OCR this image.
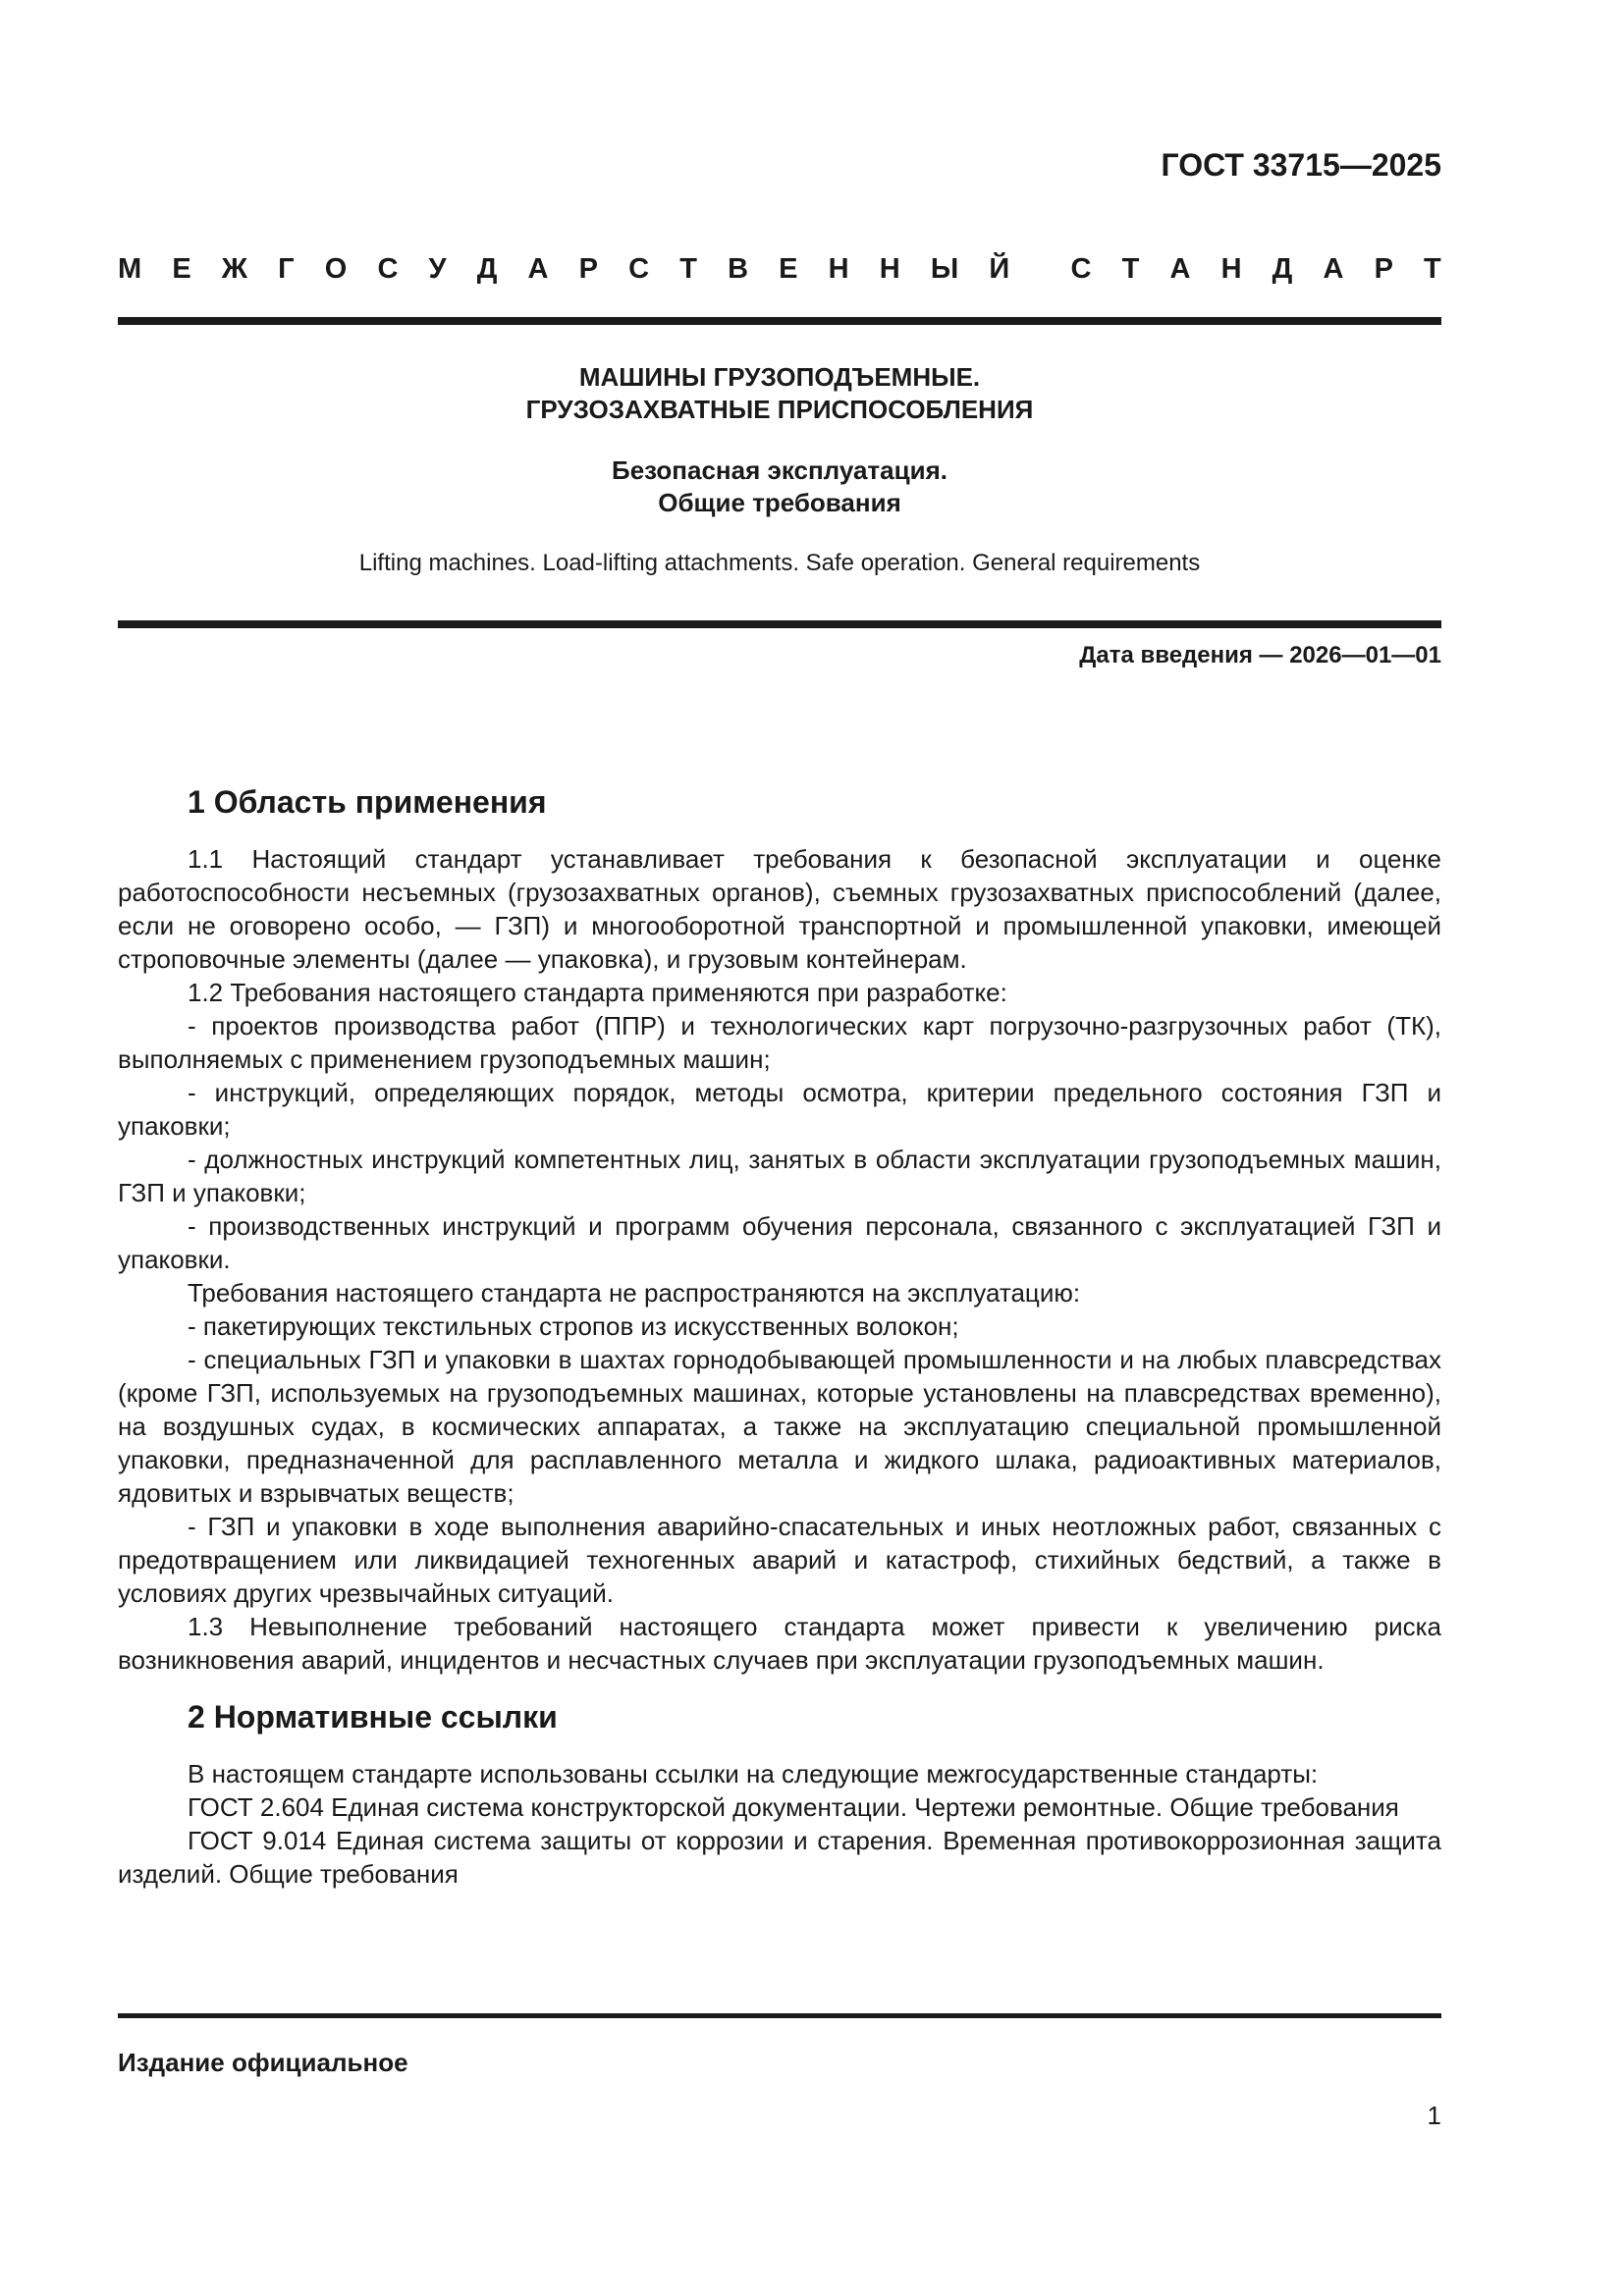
ГОСТ 33715—2025
М Е Ж Г О С У Д А Р С Т В Е Н Н Ы Й С Т А Н Д А Р Т
МАШИНЫ ГРУЗОПОДЪЕМНЫЕ.
ГРУЗОЗАХВАТНЫЕ ПРИСПОСОБЛЕНИЯ
Безопасная эксплуатация.
Общие требования
Lifting machines. Load-lifting attachments. Safe operation. General requirements
Дата введения — 2026—01—01
1 Область применения

1.1 Настоящий стандарт устанавливает требования к безопасной эксплуатации и оценке работоспособности несъемных (грузозахватных органов), съемных грузозахватных приспособлений (далее, если не оговорено особо, — ГЗП) и многооборотной транспортной и промышленной упаковки, имеющей строповочные элементы (далее — упаковка), и грузовым контейнерам.

1.2 Требования настоящего стандарта применяются при разработке:

- проектов производства работ (ППР) и технологических карт погрузочно-разгрузочных работ (ТК), выполняемых с применением грузоподъемных машин;

- инструкций, определяющих порядок, методы осмотра, критерии предельного состояния ГЗП и упаковки;

- должностных инструкций компетентных лиц, занятых в области эксплуатации грузоподъемных машин, ГЗП и упаковки;

- производственных инструкций и программ обучения персонала, связанного с эксплуатацией ГЗП и упаковки.

Требования настоящего стандарта не распространяются на эксплуатацию:

- пакетирующих текстильных стропов из искусственных волокон;

- специальных ГЗП и упаковки в шахтах горнодобывающей промышленности и на любых плавсредствах (кроме ГЗП, используемых на грузоподъемных машинах, которые установлены на плавсредствах временно), на воздушных судах, в космических аппаратах, а также на эксплуатацию специальной промышленной упаковки, предназначенной для расплавленного металла и жидкого шлака, радиоактивных материалов, ядовитых и взрывчатых веществ;

- ГЗП и упаковки в ходе выполнения аварийно-спасательных и иных неотложных работ, связанных с предотвращением или ликвидацией техногенных аварий и катастроф, стихийных бедствий, а также в условиях других чрезвычайных ситуаций.

1.3 Невыполнение требований настоящего стандарта может привести к увеличению риска возникновения аварий, инцидентов и несчастных случаев при эксплуатации грузоподъемных машин.

2 Нормативные ссылки

В настоящем стандарте использованы ссылки на следующие межгосударственные стандарты:

ГОСТ 2.604 Единая система конструкторской документации. Чертежи ремонтные. Общие требования

ГОСТ 9.014 Единая система защиты от коррозии и старения. Временная противокоррозионная защита изделий. Общие требования

Издание официальное
1
